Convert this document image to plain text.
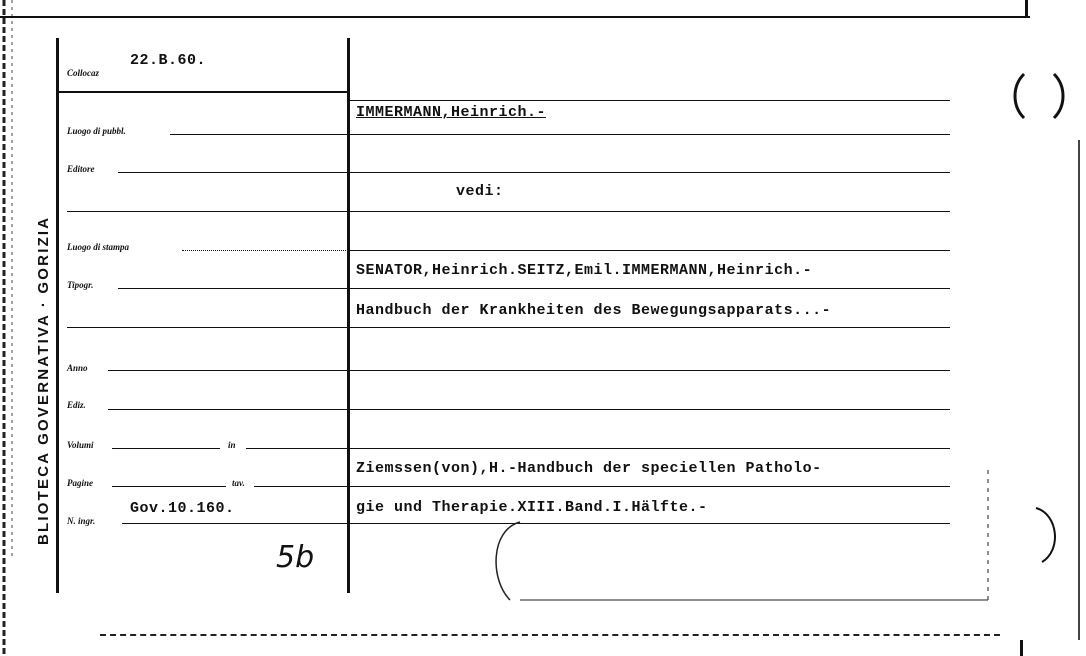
BLIOTECA GOVERNATIVA · GORIZIA
Collocaz
22.B.60.
Luogo di pubbl.
Editore
Luogo di stampa
Tipogr.
Anno
Ediz.
Volumi	in
Pagine	tav.
N. ingr.
Gov.10.160.
5b
IMMERMANN,Heinrich.-
vedi:
SENATOR,Heinrich.SEITZ,Emil.IMMERMANN,Heinrich.-
Handbuch der Krankheiten des Bewegungsapparats...-
Ziemssen(von),H.-Handbuch der speciellen Patholo-
gie und Therapie.XIII.Band.I.Hälfte.-
